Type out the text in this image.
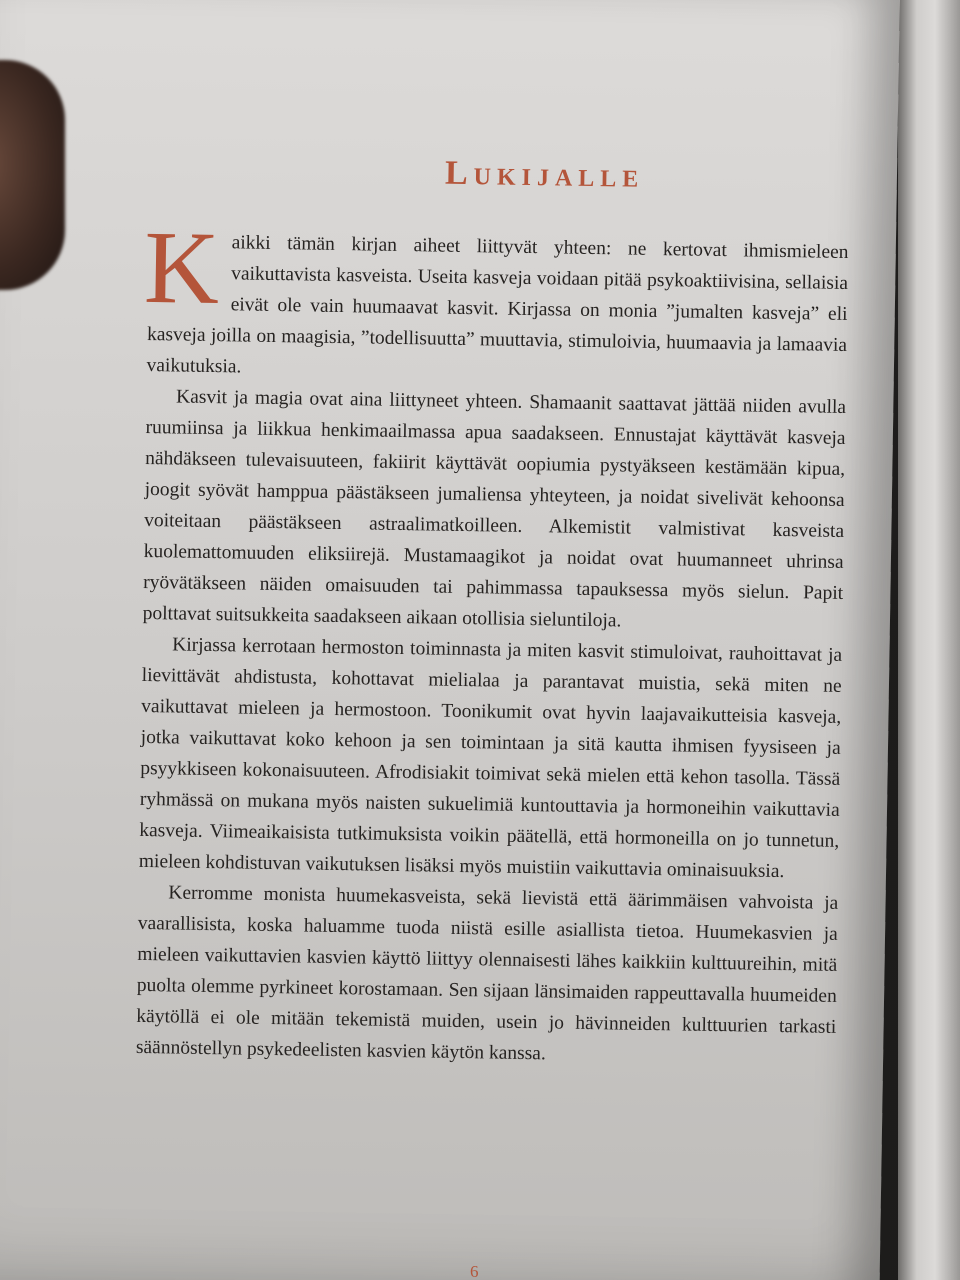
Lukijalle

Kaikki tämän kirjan aiheet liittyvät yhteen: ne kertovat ihmismieleen vaikuttavista kasveista. Useita kasveja voidaan pitää psykoaktiivisina, sellaisia eivät ole vain huumaavat kasvit. Kirjassa on monia ”jumalten kasveja” eli kasveja joilla on maagisia, ”todellisuutta” muuttavia, stimuloivia, huumaavia ja lamaavia vaikutuksia.

Kasvit ja magia ovat aina liittyneet yhteen. Shamaanit saattavat jättää niiden avulla ruumiinsa ja liikkua henkimaailmassa apua saadakseen. Ennustajat käyttävät kasveja nähdäkseen tulevaisuuteen, fakiirit käyttävät oopiumia pystyäkseen kestämään kipua, joogit syövät hamppua päästäkseen jumaliensa yhteyteen, ja noidat sivelivät kehoonsa voiteitaan päästäkseen astraalimatkoilleen. Alkemistit valmistivat kasveista kuolemattomuuden eliksiirejä. Mustamaagikot ja noidat ovat huumanneet uhrinsa ryövätäkseen näiden omaisuuden tai pahimmassa tapauksessa myös sielun. Papit polttavat suitsukkeita saadakseen aikaan otollisia sieluntiloja.

Kirjassa kerrotaan hermoston toiminnasta ja miten kasvit stimuloivat, rauhoittavat ja lievittävät ahdistusta, kohottavat mielialaa ja parantavat muistia, sekä miten ne vaikuttavat mieleen ja hermostoon. Toonikumit ovat hyvin laajavaikutteisia kasveja, jotka vaikuttavat koko kehoon ja sen toimintaan ja sitä kautta ihmisen fyysiseen ja psyykkiseen kokonaisuuteen. Afrodisiakit toimivat sekä mielen että kehon tasolla. Tässä ryhmässä on mukana myös naisten sukuelimiä kuntouttavia ja hormoneihin vaikuttavia kasveja. Viimeaikaisista tutkimuksista voikin päätellä, että hormoneilla on jo tunnetun, mieleen kohdistuvan vaikutuksen lisäksi myös muistiin vaikuttavia ominaisuuksia.

Kerromme monista huumekasveista, sekä lievistä että äärimmäisen vahvoista ja vaarallisista, koska haluamme tuoda niistä esille asiallista tietoa. Huumekasvien ja mieleen vaikuttavien kasvien käyttö liittyy olennaisesti lähes kaikkiin kulttuureihin, mitä puolta olemme pyrkineet korostamaan. Sen sijaan länsimaiden rappeuttavalla huumeiden käytöllä ei ole mitään tekemistä muiden, usein jo hävinneiden kulttuurien tarkasti säännöstellyn psykedeelisten kasvien käytön kanssa.

6
